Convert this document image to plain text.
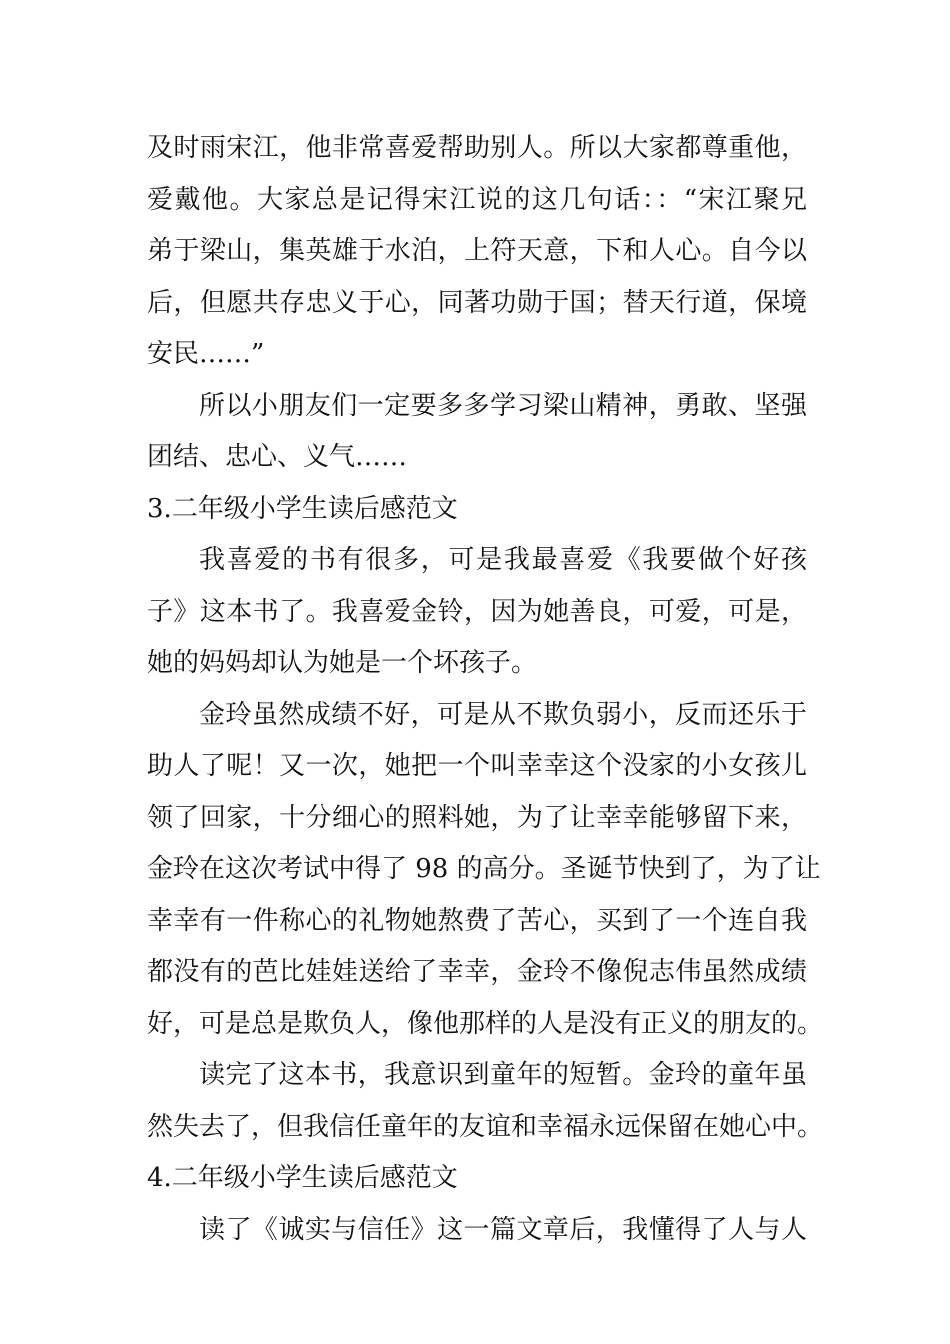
及时雨宋江，他非常喜爱帮助别人。所以大家都尊重他，
爱戴他。大家总是记得宋江说的这几句话：：“宋江聚兄
弟于梁山，集英雄于水泊，上符天意，下和人心。自今以
后，但愿共存忠义于心，同著功勋于国；替天行道，保境
安民……”
所以小朋友们一定要多多学习梁山精神，勇敢、坚强
团结、忠心、义气……
3.二年级小学生读后感范文
我喜爱的书有很多，可是我最喜爱《我要做个好孩
子》这本书了。我喜爱金铃，因为她善良，可爱，可是，
她的妈妈却认为她是一个坏孩子。
金玲虽然成绩不好，可是从不欺负弱小，反而还乐于
助人了呢！又一次，她把一个叫幸幸这个没家的小女孩儿
领了回家，十分细心的照料她，为了让幸幸能够留下来，
金玲在这次考试中得了 98 的高分。圣诞节快到了，为了让
幸幸有一件称心的礼物她熬费了苦心，买到了一个连自我
都没有的芭比娃娃送给了幸幸，金玲不像倪志伟虽然成绩
好，可是总是欺负人，像他那样的人是没有正义的朋友的。
读完了这本书，我意识到童年的短暂。金玲的童年虽
然失去了，但我信任童年的友谊和幸福永远保留在她心中。
4.二年级小学生读后感范文
读了《诚实与信任》这一篇文章后，我懂得了人与人
